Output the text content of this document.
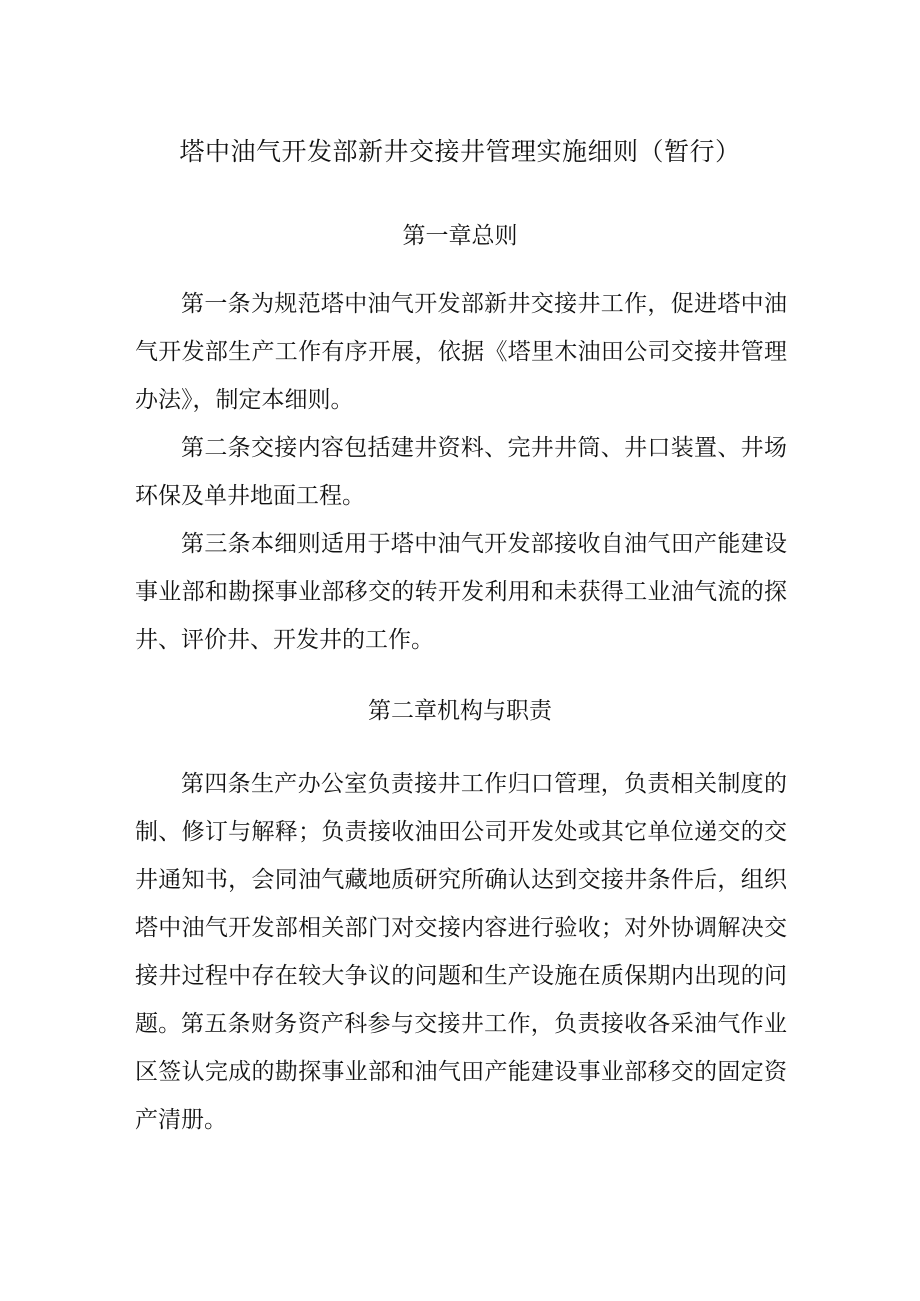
塔中油气开发部新井交接井管理实施细则（暂行）
第一章总则

第一条为规范塔中油气开发部新井交接井工作，促进塔中油气开发部生产工作有序开展，依据《塔里木油田公司交接井管理办法》，制定本细则。

第二条交接内容包括建井资料、完井井筒、井口装置、井场环保及单井地面工程。

第三条本细则适用于塔中油气开发部接收自油气田产能建设事业部和勘探事业部移交的转开发利用和未获得工业油气流的探井、评价井、开发井的工作。

第二章机构与职责

第四条生产办公室负责接井工作归口管理，负责相关制度的制、修订与解释；负责接收油田公司开发处或其它单位递交的交井通知书，会同油气藏地质研究所确认达到交接井条件后，组织塔中油气开发部相关部门对交接内容进行验收；对外协调解决交接井过程中存在较大争议的问题和生产设施在质保期内出现的问题。 第五条财务资产科参与交接井工作，负责接收各采油气作业区签认完成的勘探事业部和油气田产能建设事业部移交的固定资产清册。
